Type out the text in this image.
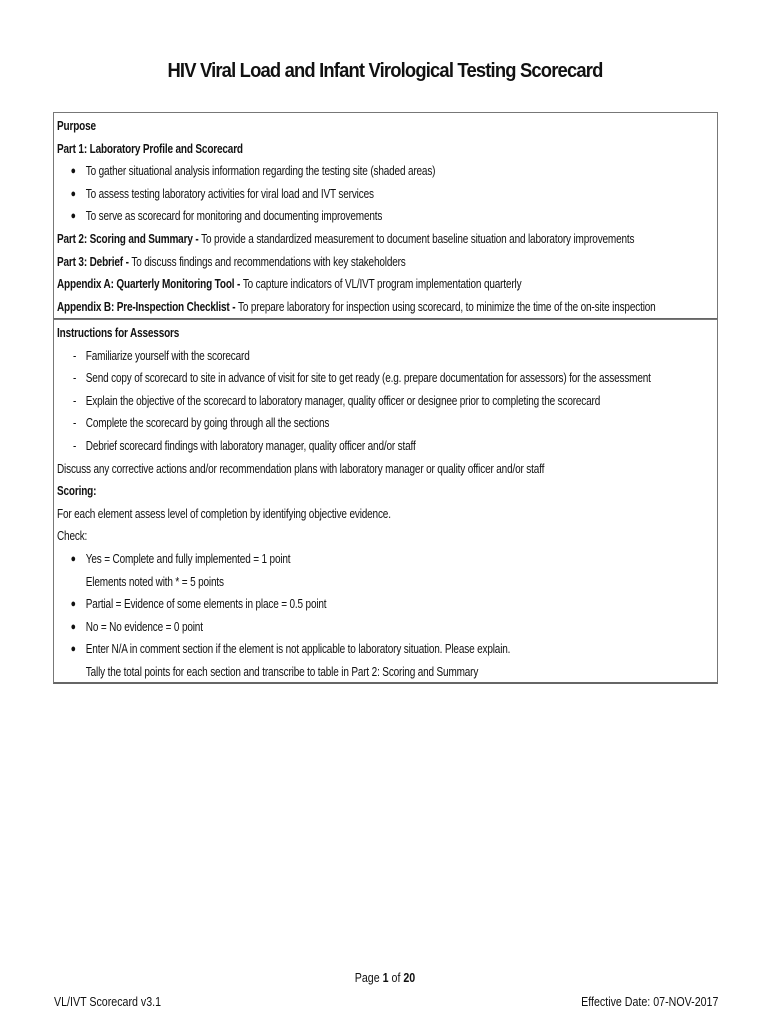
HIV Viral Load and Infant Virological Testing Scorecard
Purpose
Part 1: Laboratory Profile and Scorecard
● To gather situational analysis information regarding the testing site (shaded areas)
● To assess testing laboratory activities for viral load and IVT services
● To serve as scorecard for monitoring and documenting improvements
Part 2: Scoring and Summary - To provide a standardized measurement to document baseline situation and laboratory improvements
Part 3: Debrief - To discuss findings and recommendations with key stakeholders
Appendix A: Quarterly Monitoring Tool - To capture indicators of VL/IVT program implementation quarterly
Appendix B: Pre-Inspection Checklist - To prepare laboratory for inspection using scorecard, to minimize the time of the on-site inspection
Instructions for Assessors
- Familiarize yourself with the scorecard
- Send copy of scorecard to site in advance of visit for site to get ready (e.g. prepare documentation for assessors) for the assessment
- Explain the objective of the scorecard to laboratory manager, quality officer or designee prior to completing the scorecard
- Complete the scorecard by going through all the sections
- Debrief scorecard findings with laboratory manager, quality officer and/or staff
Discuss any corrective actions and/or recommendation plans with laboratory manager or quality officer and/or staff
Scoring:
For each element assess level of completion by identifying objective evidence.
Check:
● Yes = Complete and fully implemented = 1 point
Elements noted with * = 5 points
● Partial = Evidence of some elements in place = 0.5 point
● No = No evidence = 0 point
● Enter N/A in comment section if the element is not applicable to laboratory situation. Please explain.
Tally the total points for each section and transcribe to table in Part 2: Scoring and Summary
Page 1 of 20
VL/IVT Scorecard v3.1	Effective Date: 07-NOV-2017
